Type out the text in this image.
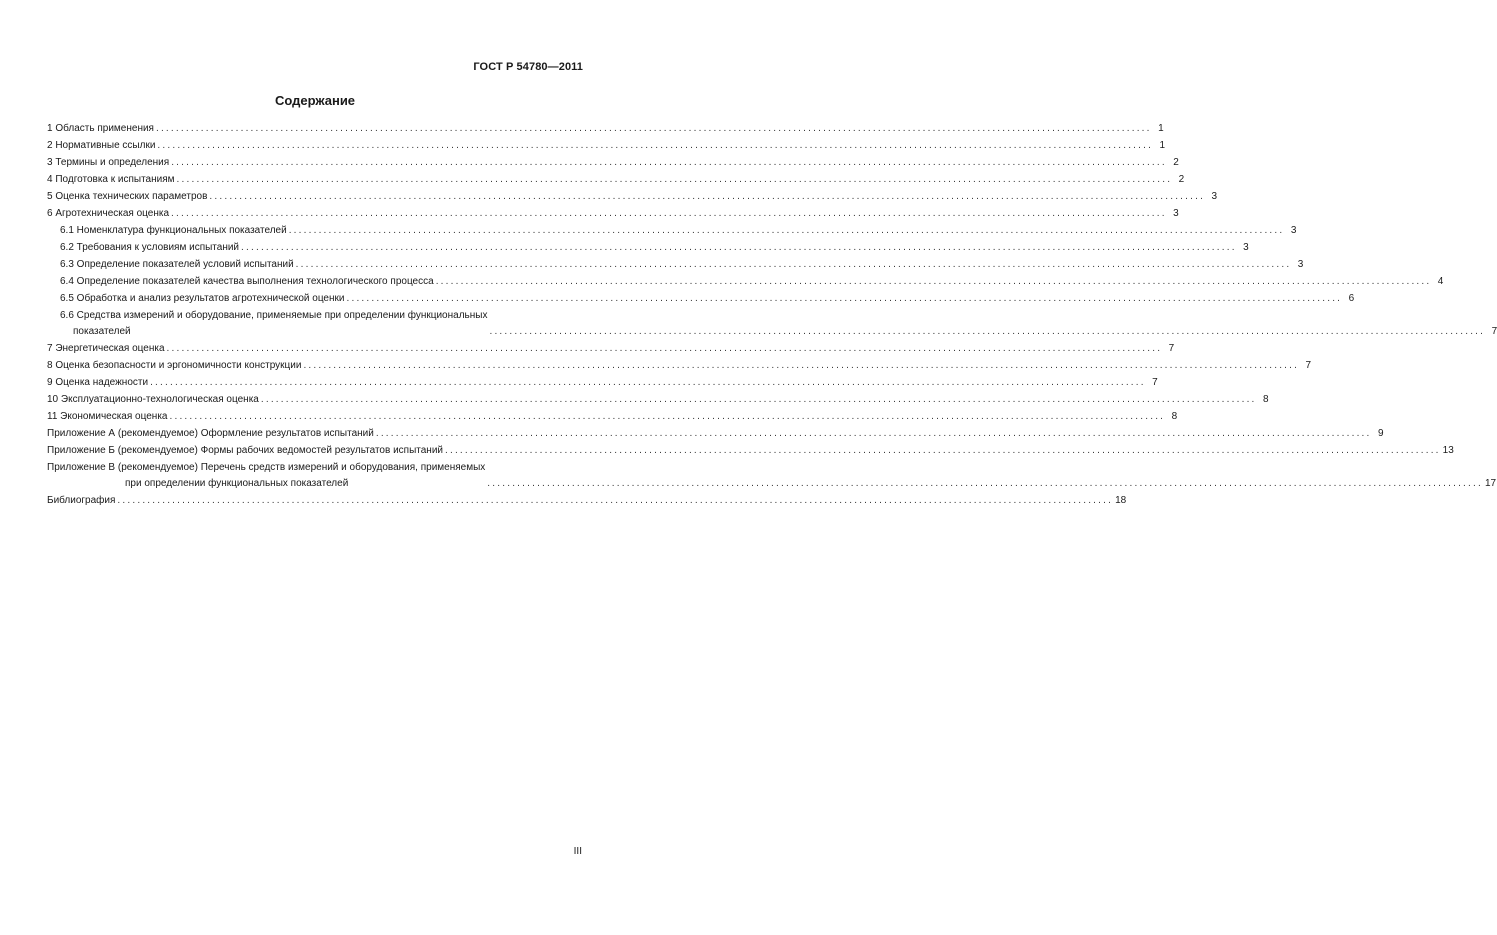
ГОСТ Р 54780—2011
Содержание
1 Область применения ........................................................................................................................................................................................................ 1
2 Нормативные ссылки ........................................................................................................................................................................................................ 1
3 Термины и определения ........................................................................................................................................................................................................ 2
4 Подготовка к испытаниям ........................................................................................................................................................................................................ 2
5 Оценка технических параметров ........................................................................................................................................................................................................ 3
6 Агротехническая оценка ........................................................................................................................................................................................................ 3
6.1 Номенклатура функциональных показателей ........................................................................................................................................................................................................ 3
6.2 Требования к условиям испытаний ........................................................................................................................................................................................................ 3
6.3 Определение показателей условий испытаний ........................................................................................................................................................................................................ 3
6.4 Определение показателей качества выполнения технологического процесса ........................................................................................................................................................................................................ 4
6.5 Обработка и анализ результатов агротехнической оценки ........................................................................................................................................................................................................ 6
6.6 Средства измерений и оборудование, применяемые при определении функциональных
показателей	........................................................................................................................................................................................................ 7
7 Энергетическая оценка ........................................................................................................................................................................................................ 7
8 Оценка безопасности и эргономичности конструкции ........................................................................................................................................................................................................ 7
9 Оценка надежности ........................................................................................................................................................................................................ 7
10 Эксплуатационно-технологическая оценка ........................................................................................................................................................................................................ 8
11 Экономическая оценка ........................................................................................................................................................................................................ 8
Приложение А (рекомендуемое) Оформление результатов испытаний ........................................................................................................................................................................................................ 9
Приложение Б (рекомендуемое) Формы рабочих ведомостей результатов испытаний ........................................................................................................................................................................................................ 13
Приложение В (рекомендуемое) Перечень средств измерений и оборудования, применяемых
при определении функциональных показателей	........................................................................................................................................................................................................ 17
Библиография ........................................................................................................................................................................................................ 18
III
